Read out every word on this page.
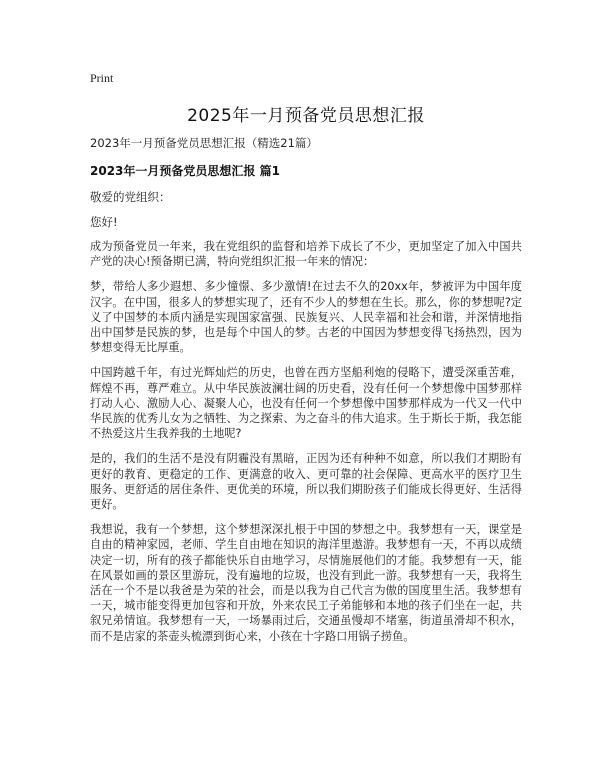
Print
2025年一月预备党员思想汇报
2023年一月预备党员思想汇报（精选21篇）
2023年一月预备党员思想汇报 篇1
敬爱的党组织：
您好!

成为预备党员一年来，我在党组织的监督和培养下成长了不少，更加坚定了加入中国共产党的决心!预备期已满，特向党组织汇报一年来的情况：

梦，带给人多少遐想、多少憧憬、多少激情!在过去不久的20xx年，梦被评为中国年度汉字。在中国，很多人的梦想实现了，还有不少人的梦想在生长。那么，你的梦想呢?定义了中国梦的本质内涵是实现国家富强、民族复兴、人民幸福和社会和谐，并深情地指出中国梦是民族的梦，也是每个中国人的梦。古老的中国因为梦想变得飞扬热烈，因为梦想变得无比厚重。

中国跨越千年，有过光辉灿烂的历史，也曾在西方坚船利炮的侵略下，遭受深重苦难，辉煌不再，尊严难立。从中华民族波澜壮阔的历史看，没有任何一个梦想像中国梦那样打动人心、激励人心、凝聚人心，也没有任何一个梦想像中国梦那样成为一代又一代中华民族的优秀儿女为之牺牲、为之探索、为之奋斗的伟大追求。生于斯长于斯，我怎能不热爱这片生我养我的土地呢?

是的，我们的生活不是没有阴霾没有黑暗，正因为还有种种不如意，所以我们才期盼有更好的教育、更稳定的工作、更满意的收入、更可靠的社会保障、更高水平的医疗卫生服务、更舒适的居住条件、更优美的环境，所以我们期盼孩子们能成长得更好、生活得更好。

我想说，我有一个梦想，这个梦想深深扎根于中国的梦想之中。我梦想有一天，课堂是自由的精神家园，老师、学生自由地在知识的海洋里遨游。我梦想有一天，不再以成绩决定一切，所有的孩子都能快乐自由地学习，尽情施展他们的才能。我梦想有一天，能在风景如画的景区里游玩，没有遍地的垃圾，也没有到此一游。我梦想有一天，我将生活在一个不是以我爸是为荣的社会，而是以我为自己代言为傲的国度里生活。我梦想有一天，城市能变得更加包容和开放，外来农民工子弟能够和本地的孩子们坐在一起，共叙兄弟情谊。我梦想有一天，一场暴雨过后，交通虽慢却不堵塞，街道虽滑却不积水，而不是店家的茶壶头梳漂到街心来，小孩在十字路口用锅子捞鱼。
